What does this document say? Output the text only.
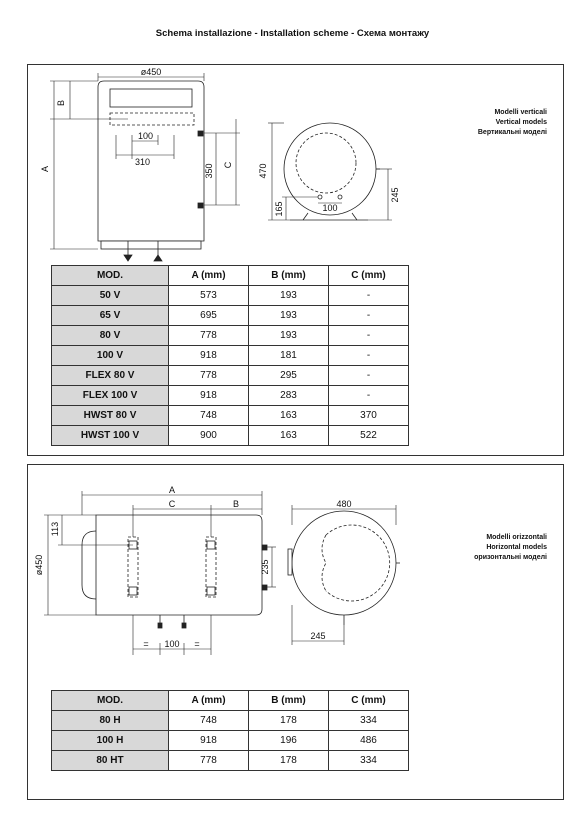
Schema installazione - Installation scheme - Схема монтажу
ø450
B
A
100
310
350 C	470
165	100
245
Modelli verticali
Vertical models
Вертикальні моделі
MOD.	A (mm)	B (mm)	C (mm)
50 V	573	193	-
65 V	695	193	-
80 V	778	193	-
100 V	918	181	-
FLEX 80 V	778	295	-
FLEX 100 V	918	283	-
HWST 80 V	748	163	370
HWST 100 V	900	163	522
A
C	B
113
ø450	235
= 100 =
480
245
Modelli orizzontali
Horizontal models
оризонтальні моделі
MOD.	A (mm)	B (mm)	C (mm)
80 H	748	178	334
100 H	918	196	486
80 HT	778	178	334
